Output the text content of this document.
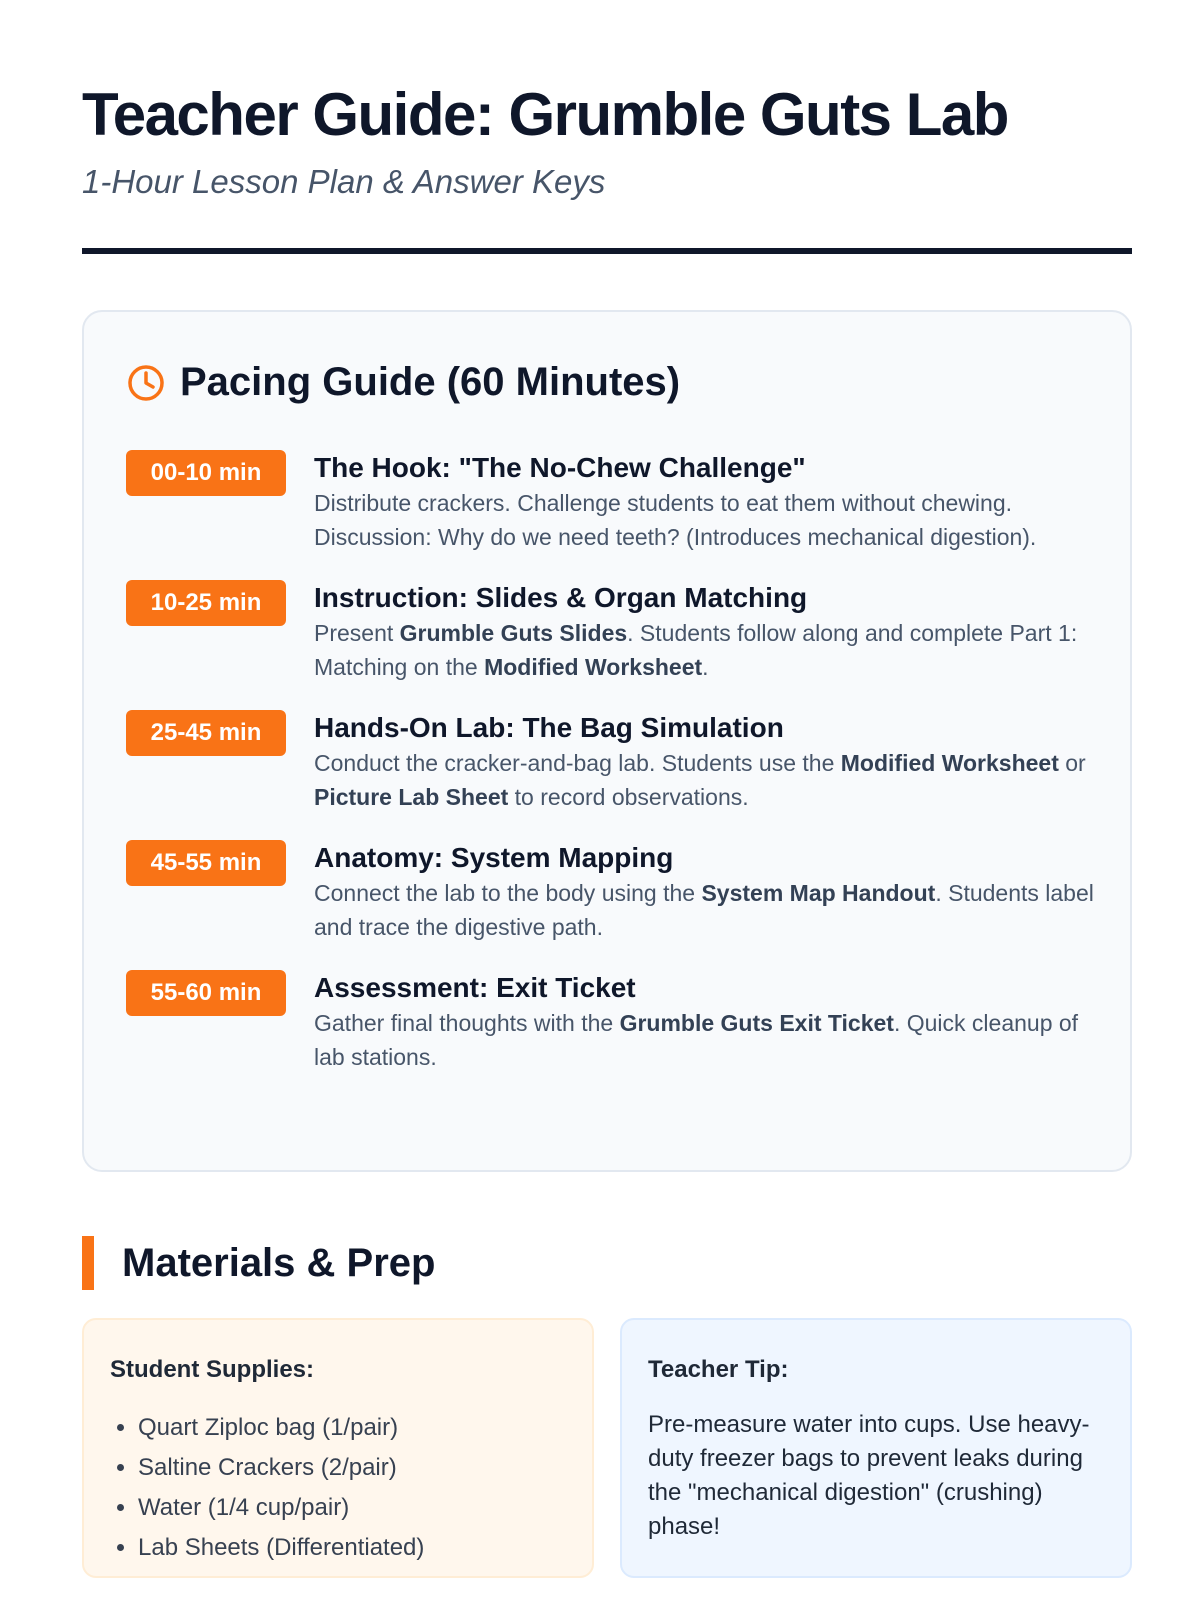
Teacher Guide: Grumble Guts Lab
1-Hour Lesson Plan & Answer Keys
Pacing Guide (60 Minutes)
00-10 min	The Hook: "The No-Chew Challenge"
Distribute crackers. Challenge students to eat them without chewing. Discussion: Why do we need teeth? (Introduces mechanical digestion).
10-25 min	Instruction: Slides & Organ Matching
Present Grumble Guts Slides. Students follow along and complete Part 1: Matching on the Modified Worksheet.
25-45 min	Hands-On Lab: The Bag Simulation
Conduct the cracker-and-bag lab. Students use the Modified Worksheet or Picture Lab Sheet to record observations.
45-55 min	Anatomy: System Mapping
Connect the lab to the body using the System Map Handout. Students label and trace the digestive path.
55-60 min	Assessment: Exit Ticket
Gather final thoughts with the Grumble Guts Exit Ticket. Quick cleanup of lab stations.
Materials & Prep
Student Supplies:
• Quart Ziploc bag (1/pair)
• Saltine Crackers (2/pair)
• Water (1/4 cup/pair)
• Lab Sheets (Differentiated)
Teacher Tip:
Pre-measure water into cups. Use heavy-duty freezer bags to prevent leaks during the "mechanical digestion" (crushing) phase!
